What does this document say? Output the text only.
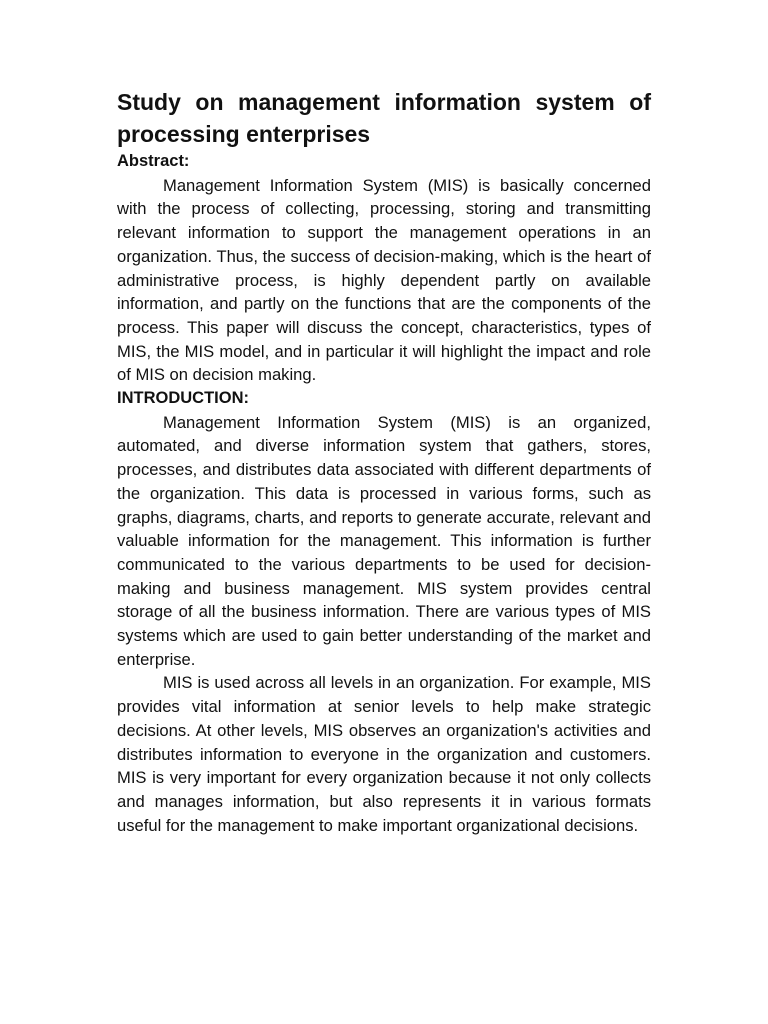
Study on management information system of processing enterprises
Abstract:

Management Information System (MIS) is basically concerned with the process of collecting, processing, storing and transmitting relevant information to support the management operations in an organization. Thus, the success of decision-making, which is the heart of administrative process, is highly dependent partly on available information, and partly on the functions that are the components of the process. This paper will discuss the concept, characteristics, types of MIS, the MIS model, and in particular it will highlight the impact and role of MIS on decision making.

INTRODUCTION:

Management Information System (MIS) is an organized, automated, and diverse information system that gathers, stores, processes, and distributes data associated with different departments of the organization. This data is processed in various forms, such as graphs, diagrams, charts, and reports to generate accurate, relevant and valuable information for the management. This information is further communicated to the various departments to be used for decision-making and business management. MIS system provides central storage of all the business information. There are various types of MIS systems which are used to gain better understanding of the market and enterprise.

MIS is used across all levels in an organization. For example, MIS provides vital information at senior levels to help make strategic decisions. At other levels, MIS observes an organization's activities and distributes information to everyone in the organization and customers. MIS is very important for every organization because it not only collects and manages information, but also represents it in various formats useful for the management to make important organizational decisions.
